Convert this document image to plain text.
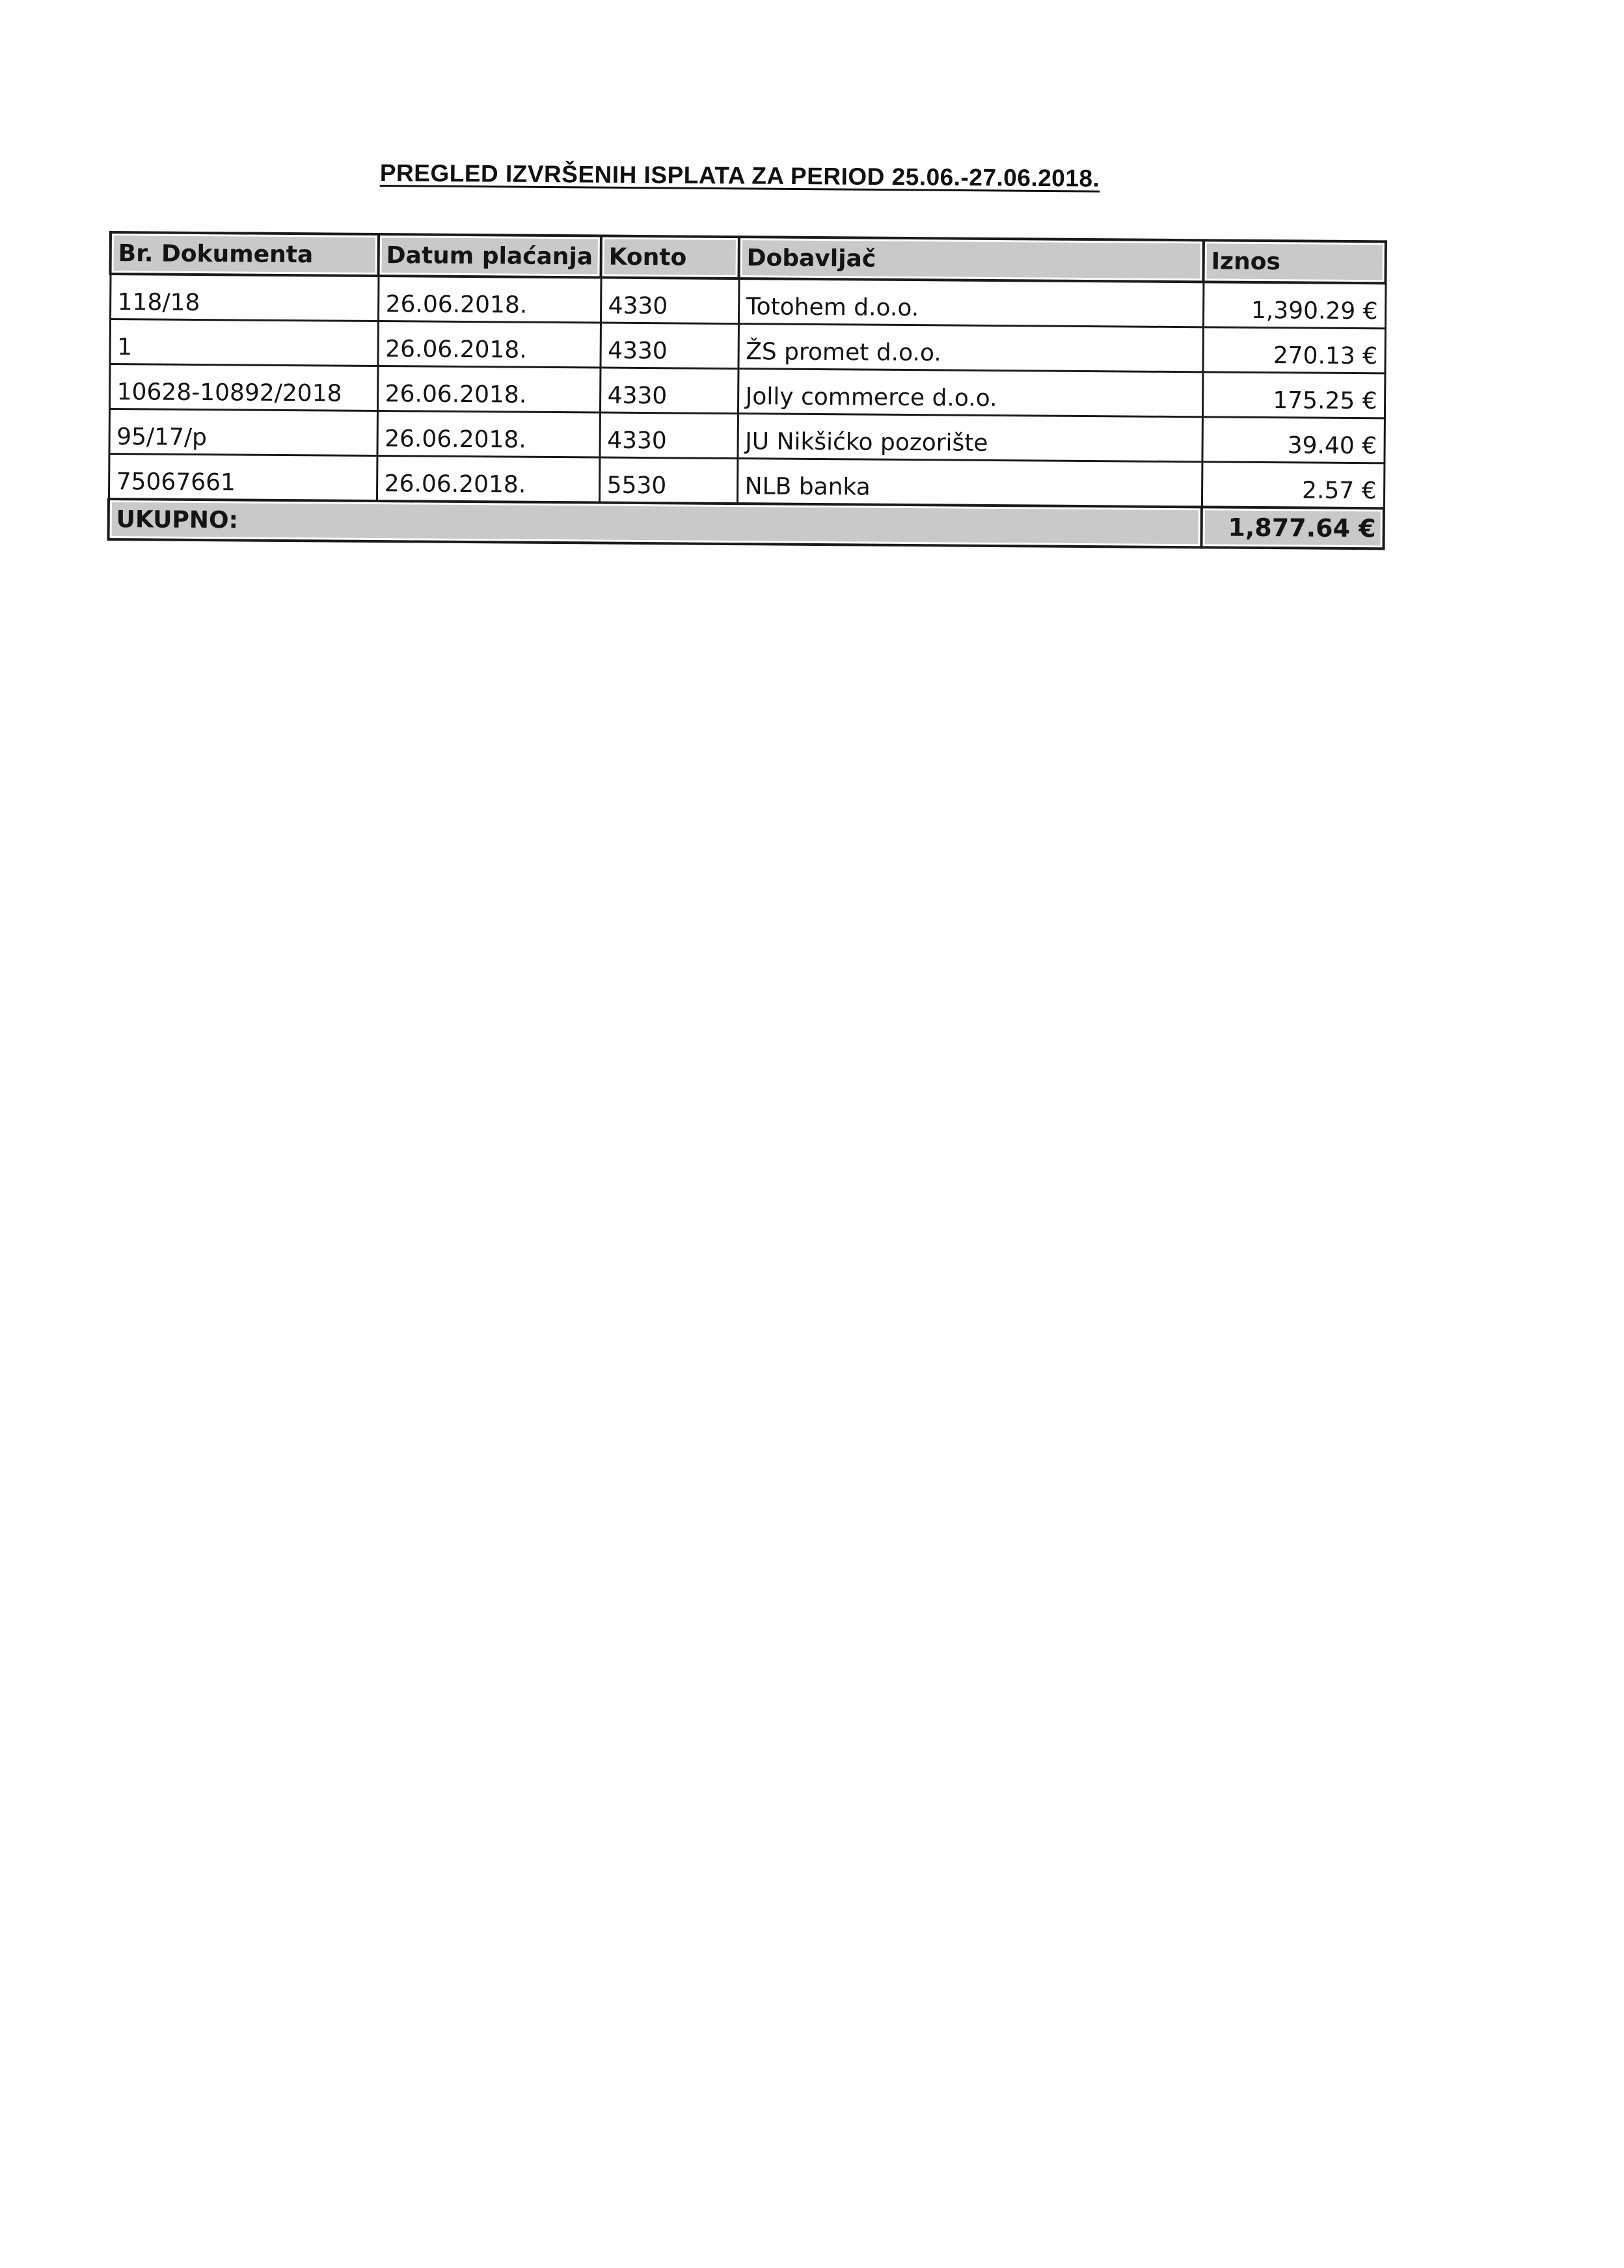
PREGLED IZVRŠENIH ISPLATA ZA PERIOD 25.06.-27.06.2018.
Br. Dokumenta	Datum plaćanja	Konto	Dobavljač	Iznos
118/18	26.06.2018.	4330	Totohem d.o.o.	1,390.29 €
1	26.06.2018.	4330	ŽS promet d.o.o.	270.13 €
10628-10892/2018	26.06.2018.	4330	Jolly commerce d.o.o.	175.25 €
95/17/p	26.06.2018.	4330	JU Nikšićko pozorište	39.40 €
75067661	26.06.2018.	5530	NLB banka	2.57 €
UKUPNO:				1,877.64 €
